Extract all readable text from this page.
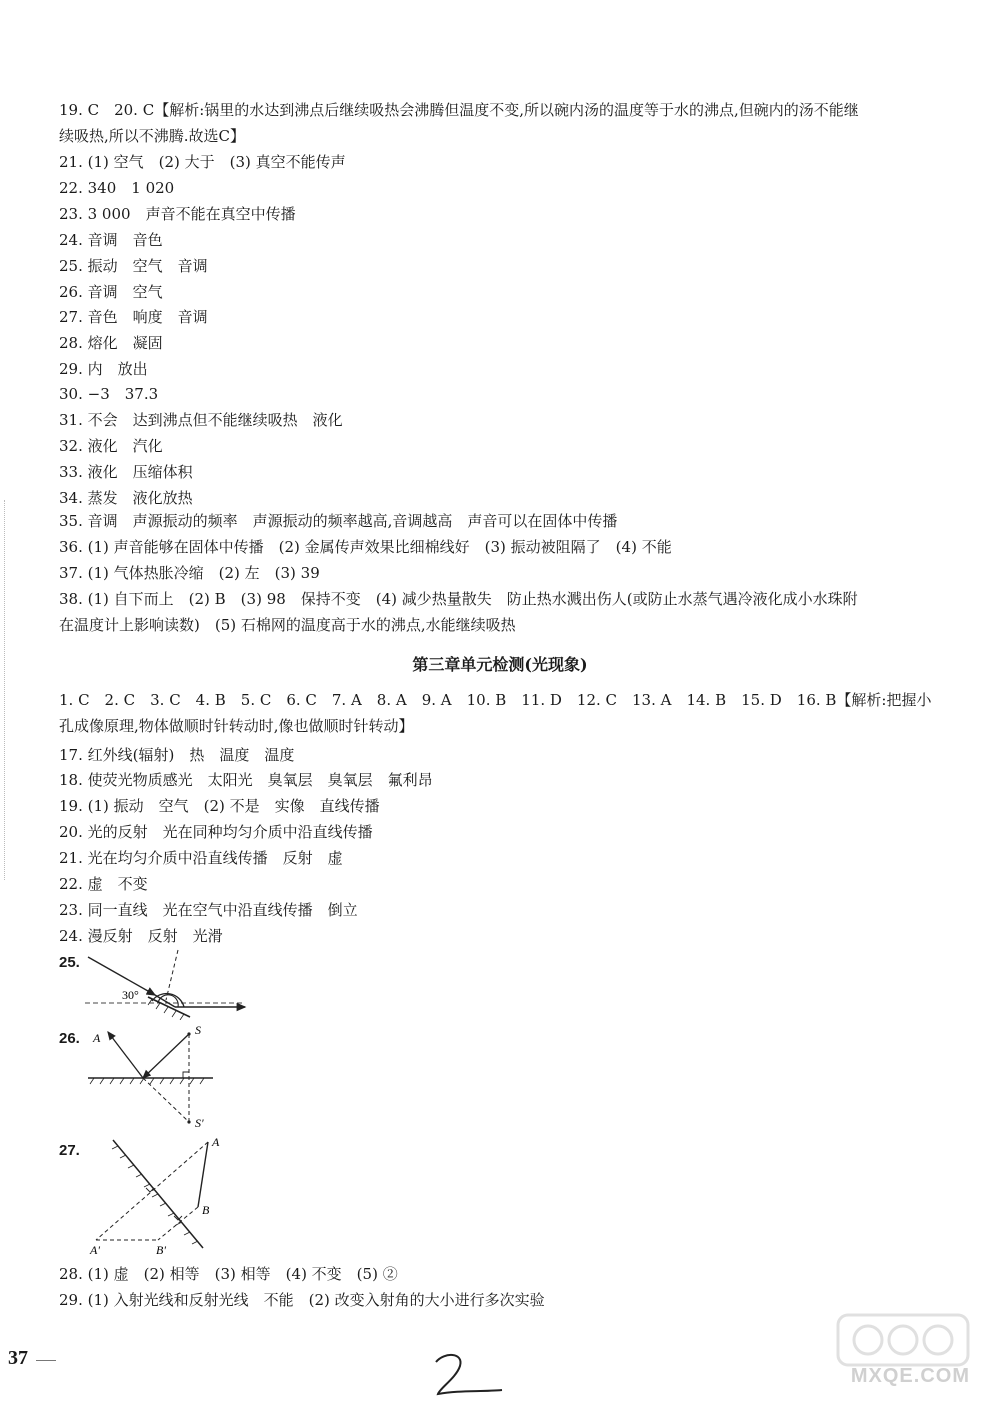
19. C　20. C【解析:锅里的水达到沸点后继续吸热会沸腾但温度不变,所以碗内汤的温度等于水的沸点,但碗内的汤不能继
续吸热,所以不沸腾.故选C】
21. (1) 空气　(2) 大于　(3) 真空不能传声
22. 340　1 020
23. 3 000　声音不能在真空中传播
24. 音调　音色
25. 振动　空气　音调
26. 音调　空气
27. 音色　响度　音调
28. 熔化　凝固
29. 内　放出
30. −3　37.3
31. 不会　达到沸点但不能继续吸热　液化
32. 液化　汽化
33. 液化　压缩体积
34. 蒸发　液化放热
35. 音调　声源振动的频率　声源振动的频率越高,音调越高　声音可以在固体中传播
36. (1) 声音能够在固体中传播　(2) 金属传声效果比细棉线好　(3) 振动被阻隔了　(4) 不能
37. (1) 气体热胀冷缩　(2) 左　(3) 39
38. (1) 自下而上　(2) B　(3) 98　保持不变　(4) 减少热量散失　防止热水溅出伤人(或防止水蒸气遇冷液化成小水珠附
在温度计上影响读数)　(5) 石棉网的温度高于水的沸点,水能继续吸热
1. C　2. C　3. C　4. B　5. C　6. C　7. A　8. A　9. A　10. B　11. D　12. C　13. A　14. B　15. D　16. B【解析:把握小
孔成像原理,物体做顺时针转动时,像也做顺时针转动】
17. 红外线(辐射)　热　温度　温度
18. 使荧光物质感光　太阳光　臭氧层　臭氧层　氟利昂
19. (1) 振动　空气　(2) 不是　实像　直线传播
20. 光的反射　光在同种均匀介质中沿直线传播
21. 光在均匀介质中沿直线传播　反射　虚
22. 虚　不变
23. 同一直线　光在空气中沿直线传播　倒立
24. 漫反射　反射　光滑
28. (1) 虚　(2) 相等　(3) 相等　(4) 不变　(5) ②
29. (1) 入射光线和反射光线　不能　(2) 改变入射角的大小进行多次实验
第三章单元检测(光现象)
25.
30°
26. A
S
S'
27.	A
B
A'	B'
37
MXQE.COM
